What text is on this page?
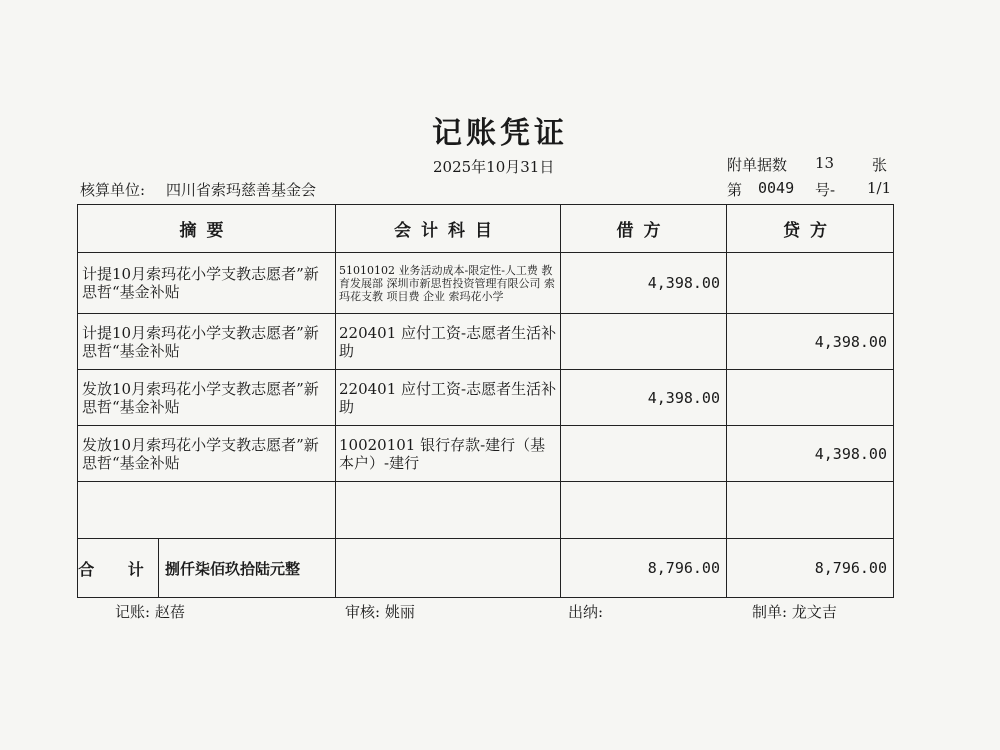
记账凭证
2025年10月31日	附单据数 13	张
核算单位: 四川省索玛慈善基金会	第 0049 号- 1/1
摘要	会计科目	借方	贷方
计提10月索玛花小学支教志愿者”新思哲“基金补贴	51010102 业务活动成本-限定性-人工费 教育发展部 深圳市新思哲投资管理有限公司 索玛花支教 项目费 企业 索玛花小学	4,398.00	
计提10月索玛花小学支教志愿者”新思哲“基金补贴	220401 应付工资-志愿者生活补助		4,398.00
发放10月索玛花小学支教志愿者”新思哲“基金补贴	220401 应付工资-志愿者生活补助	4,398.00	
发放10月索玛花小学支教志愿者”新思哲“基金补贴	10020101 银行存款-建行（基本户）-建行		4,398.00

合 计 捌仟柒佰玖拾陆元整		8,796.00	8,796.00
记账: 赵蓓	审核: 姚丽	出纳:	制单: 龙文吉
